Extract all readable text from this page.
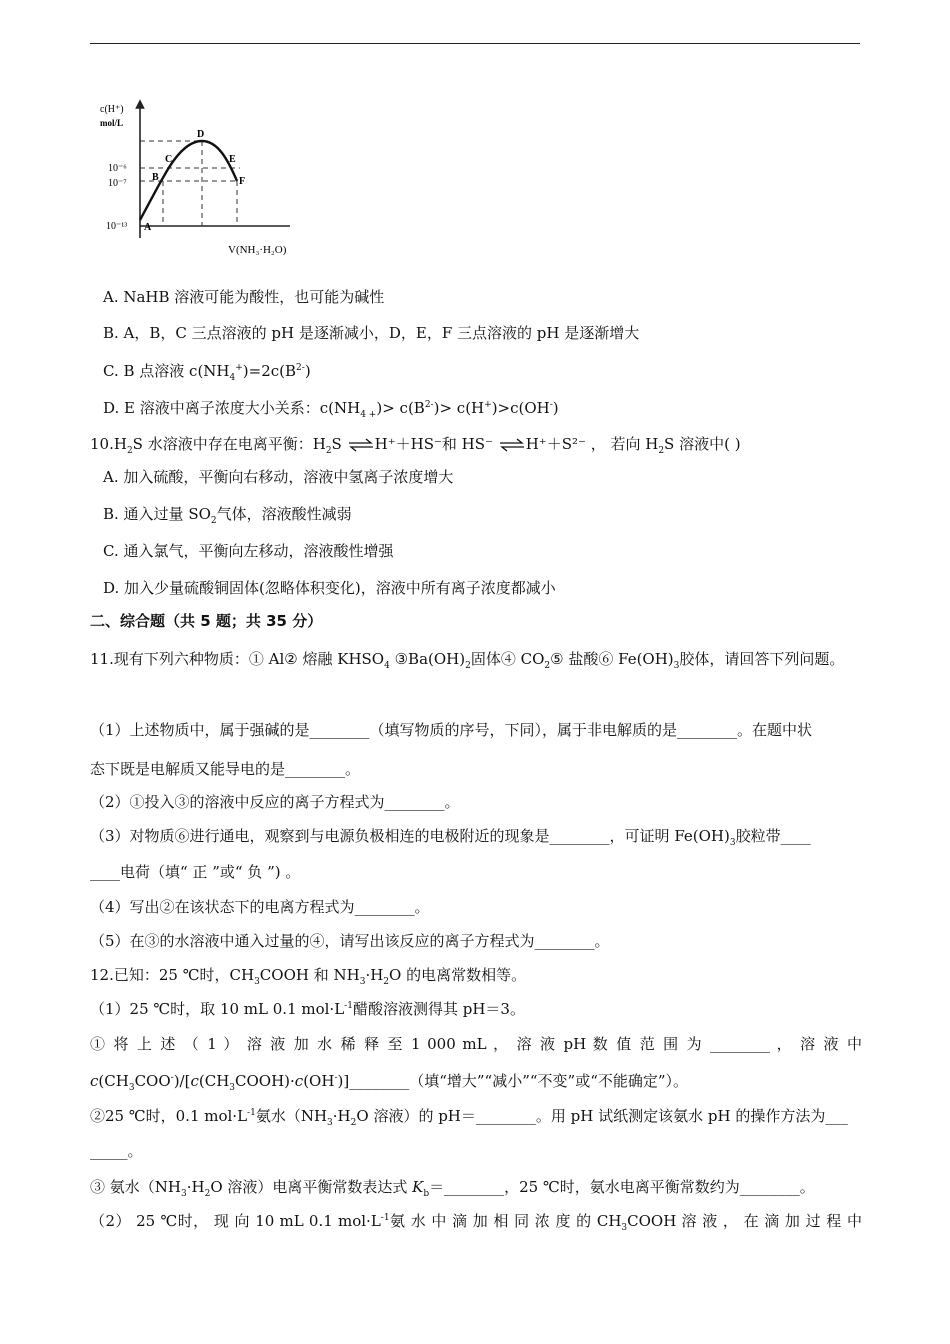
c(H⁺)
mol/L
10⁻⁶
10⁻⁷
10⁻¹³ A
B
C
D
E
F
V(NH₃·H₂O)
A. NaHB 溶液可能为酸性，也可能为碱性
B. A，B，C 三点溶液的 pH 是逐渐减小，D，E，F 三点溶液的 pH 是逐渐增大
C. B 点溶液 $c(NH_4^+)=2c(B^{2-})$
D. E 溶液中离子浓度大小关系：$c(NH_{4 +})> c(B^{2-})> c(H^+)>c(OH^-)$
$10.H_2S$ 水溶液中存在电离平衡：$H_2S$ ⇌H⁺＋HS⁻和 HS⁻ ⇌H⁺＋S²⁻ ， 若向 $H_2S$ 溶液中( )
A. 加入硫酸，平衡向右移动，溶液中氢离子浓度增大
B. 通入过量 $SO_2$气体，溶液酸性减弱
C. 通入氯气，平衡向左移动，溶液酸性增强
D. 加入少量硫酸铜固体(忽略体积变化)，溶液中所有离子浓度都减小
二、综合题（共 5 题；共 35 分）
11.现有下列六种物质：① Al② 熔融 $KHSO_4$ $③Ba(OH)_2$固体④ $CO_2⑤$ 盐酸⑥ $Fe(OH)_3$胶体，请回答下列问题。
（1）上述物质中，属于强碱的是________（填写物质的序号，下同），属于非电解质的是________。在题中状
态下既是电解质又能导电的是________。
（2）①投入③的溶液中反应的离子方程式为________。
（3）对物质⑥进行通电，观察到与电源负极相连的电极附近的现象是________，可证明 $Fe(OH)_3$胶粒带____
____电荷（填“ 正 ”或“ 负 ”) 。
（4）写出②在该状态下的电离方程式为________。
（5）在③的水溶液中通入过量的④，请写出该反应的离子方程式为________。
12.已知：25 ℃时，$CH_3COOH$ 和 $NH_3\cdot H_2O$ 的电离常数相等。
（1）25 ℃时，取 10 mL 0.1 $mol\cdot L^{-1}$醋酸溶液测得其 pH＝3。
① 将 上 述 （ 1 ） 溶 液 加 水 稀 释 至 1 000 mL ， 溶 液 pH 数 值 范 围 为 ________ ， 溶 液 中
$c(CH_3COO^-)/[c(CH_3COOH)\cdot c(OH^-)]\_\_\_\_\_\_\_\_$（填“增大”“减小”“不变”或“不能确定”）。
②25 ℃时，0.1 $mol\cdot L^{-1}$氨水（$NH_3\cdot H_2O$ 溶液）的 pH＝________。用 pH 试纸测定该氨水 pH 的操作方法为___
_____。
③ 氨水（$NH_3\cdot H_2O$ 溶液）电离平衡常数表达式 $K_b=\_\_\_\_\_\_\_\_$，25 ℃时，氨水电离平衡常数约为________。
（2） 25 ℃时， 现 向 10 mL 0.1 $mol\cdot L^{-1}$氨 水 中 滴 加 相 同 浓 度 的 $CH_3COOH$ 溶 液 ， 在 滴 加 过 程 中
